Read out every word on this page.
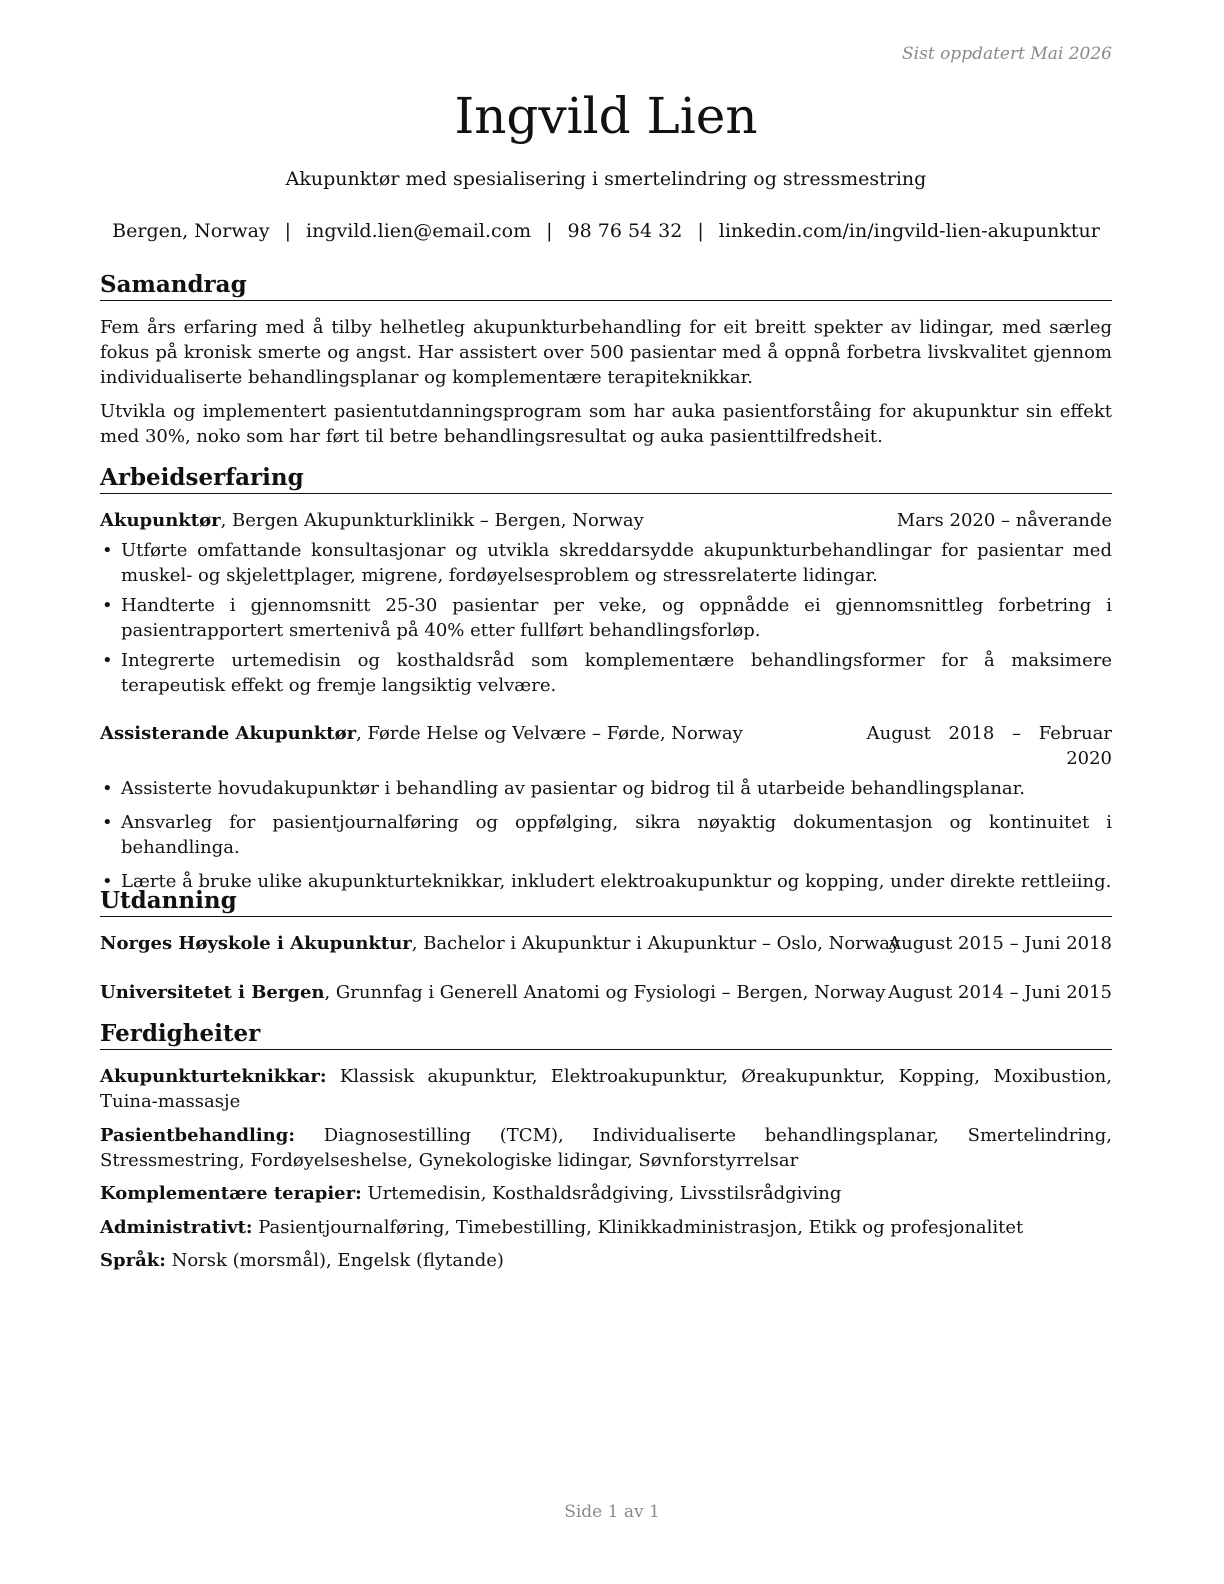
Sist oppdatert Mai 2026
Ingvild Lien
Akupunktør med spesialisering i smertelindring og stressmestring
Bergen, Norway | ingvild.lien@email.com | 98 76 54 32 | linkedin.com/in/ingvild-lien-akupunktur
Samandrag
Fem års erfaring med å tilby helhetleg akupunkturbehandling for eit breitt spekter av lidingar, med særleg fokus på kronisk smerte og angst. Har assistert over 500 pasientar med å oppnå forbetra livskvalitet gjennom individualiserte behandlingsplanar og komplementære terapiteknikkar.
Utvikla og implementert pasientutdanningsprogram som har auka pasientforståing for akupunktur sin effekt med 30%, noko som har ført til betre behandlingsresultat og auka pasienttilfredsheit.
Arbeidserfaring
Akupunktør, Bergen Akupunkturklinikk – Bergen, Norway	Mars 2020 – nåverande
• Utførte omfattande konsultasjonar og utvikla skreddarsydde akupunkturbehandlingar for pasientar med muskel- og skjelettplager, migrene, fordøyelsesproblem og stressrelaterte lidingar.
• Handterte i gjennomsnitt 25-30 pasientar per veke, og oppnådde ei gjennomsnittleg forbetring i pasientrapportert smertenivå på 40% etter fullført behandlingsforløp.
• Integrerte urtemedisin og kosthaldsråd som komplementære behandlingsformer for å maksimere terapeutisk effekt og fremje langsiktig velvære.
Assisterande Akupunktør, Førde Helse og Velvære – Førde, Norway	August 2018 – Februar
2020
• Assisterte hovudakupunktør i behandling av pasientar og bidrog til å utarbeide behandlingsplanar.
• Ansvarleg for pasientjournalføring og oppfølging, sikra nøyaktig dokumentasjon og kontinuitet i behandlinga.
• Lærte å bruke ulike akupunkturteknikkar, inkludert elektroakupunktur og kopping, under direkte rettleiing.
Utdanning
Norges Høyskole i Akupunktur, Bachelor i Akupunktur i Akupunktur – Oslo, Norway
August 2015 – Juni 2018
Universitetet i Bergen, Grunnfag i Generell Anatomi og Fysiologi – Bergen, Norway August 2014 – Juni 2015
Ferdigheiter
Akupunkturteknikkar: Klassisk akupunktur, Elektroakupunktur, Øreakupunktur, Kopping, Moxibustion, Tuina-massasje
Pasientbehandling: Diagnosestilling (TCM), Individualiserte behandlingsplanar, Smertelindring, Stressmestring, Fordøyelseshelse, Gynekologiske lidingar, Søvnforstyrrelsar
Komplementære terapier: Urtemedisin, Kosthaldsrådgiving, Livsstilsrådgiving
Administrativt: Pasientjournalføring, Timebestilling, Klinikkadministrasjon, Etikk og profesjonalitet
Språk: Norsk (morsmål), Engelsk (flytande)
Side 1 av 1
